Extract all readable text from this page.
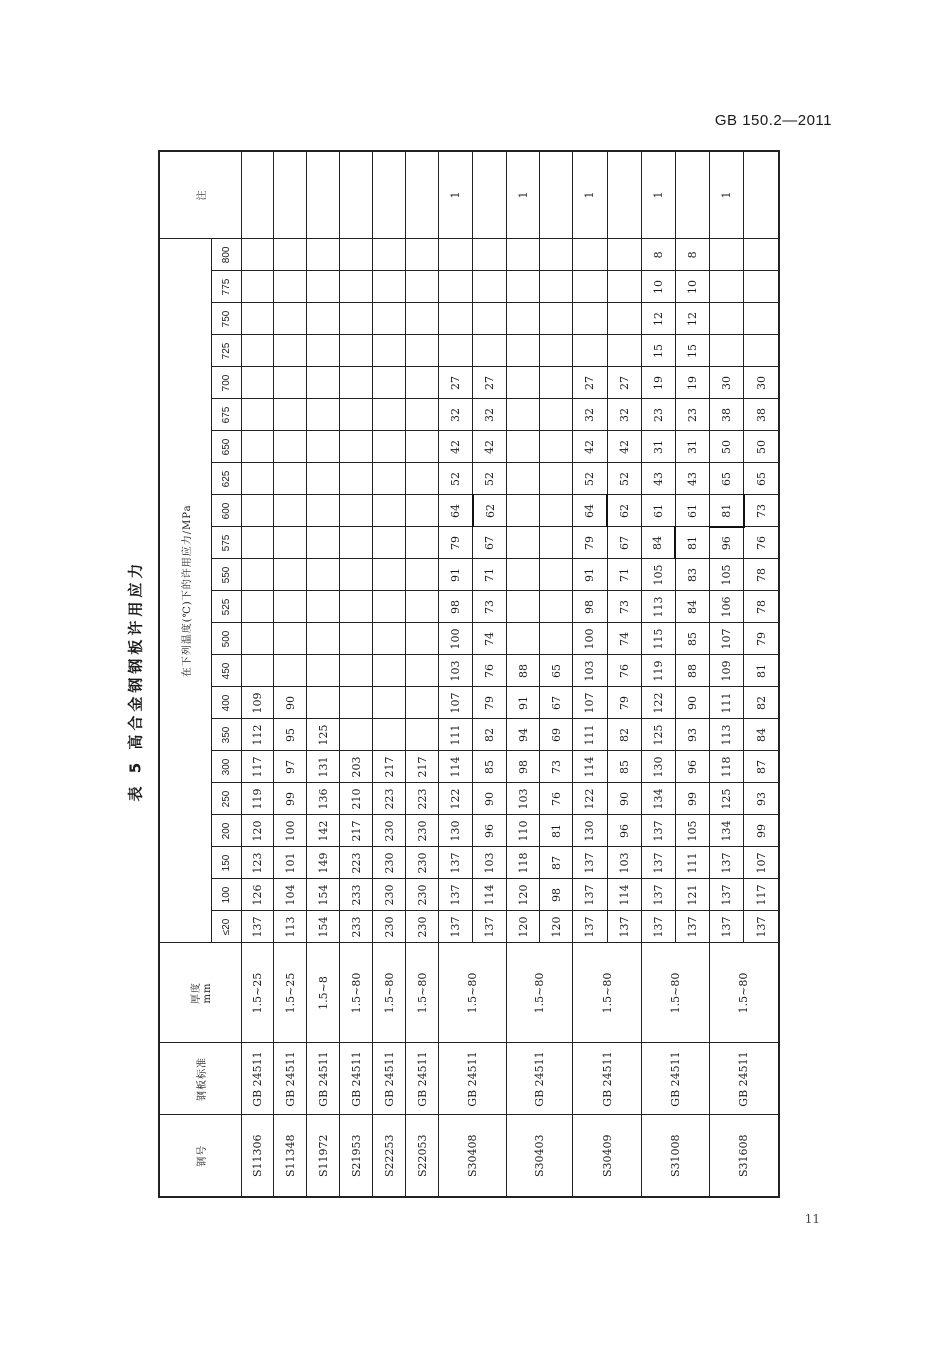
GB 150.2—2011
表 5 高合金钢钢板许用应力
钢号	钢板标准	厚度 mm	在下列温度(℃)下的许用应力/MPa																						注
			≤20	100	150	200	250	300	350	400	450	500	525	550	575	600	625	650	675	700	725	750	775	800	
S11306	GB 24511	1.5~25	137	126	123	120	119	117	112	109															
S11348	GB 24511	1.5~25	113	104	101	100	99	97	95	90															
S11972	GB 24511	1.5~8	154	154	149	142	136	131	125																
S21953	GB 24511	1.5~80	233	233	223	217	210	203																	
S22253	GB 24511	1.5~80	230	230	230	230	223	217																	
S22053	GB 24511	1.5~80	230	230	230	230	223	217																	
S30408	GB 24511	1.5~80	137	137	137	130	122	114	111	107	103	100	98	91	79	64	52	42	32	27					1
			137	114	103	96	90	85	82	79	76	74	73	71	67	62	52	42	32	27					
S30403	GB 24511	1.5~80	120	120	118	110	103	98	94	91	88														1
			120	98	87	81	76	73	69	67	65														
S30409	GB 24511	1.5~80	137	137	137	130	122	114	111	107	103	100	98	91	79	64	52	42	32	27					1
			137	114	103	96	90	85	82	79	76	74	73	71	67	62	52	42	32	27					
S31008	GB 24511	1.5~80	137	137	137	137	134	130	125	122	119	115	113	105	84	61	43	31	23	19	15	12	10	8	1
			137	121	111	105	99	96	93	90	88	85	84	83	81	61	43	31	23	19	15	12	10	8	
S31608	GB 24511	1.5~80	137	137	137	134	125	118	113	111	109	107	106	105	96	81	65	50	38	30					1
			137	117	107	99	93	87	84	82	81	79	78	78	76	73	65	50	38	30					
11
